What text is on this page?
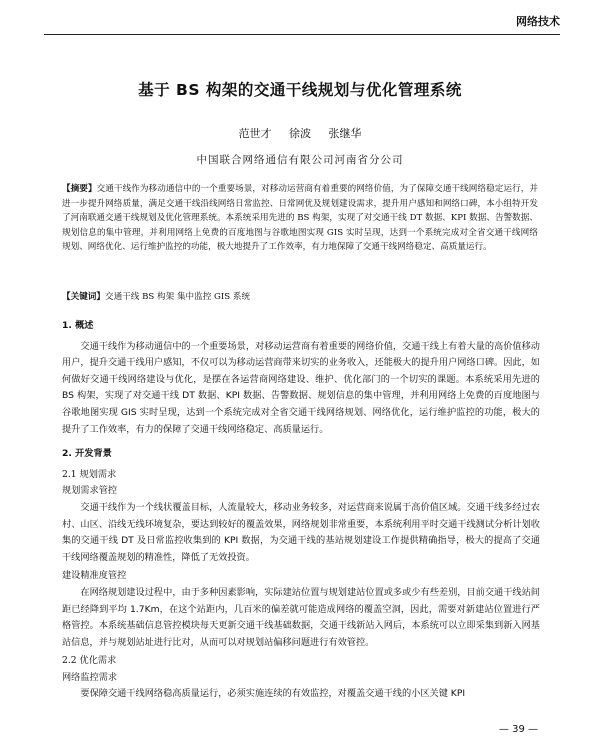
网络技术
基于 BS 构架的交通干线规划与优化管理系统
范世才 徐波 张继华
中国联合网络通信有限公司河南省分公司
【摘要】交通干线作为移动通信中的一个重要场景，对移动运营商有着重要的网络价值，为了保障交通干线网络稳定运行，并进一步提升网络质量，满足交通干线沿线网络日常监控、日常网优及规划建设需求，提升用户感知和网络口碑，本小组特开发了河南联通交通干线规划及优化管理系统。本系统采用先进的 BS 构架，实现了对交通干线 DT 数据、KPI 数据、告警数据、规划信息的集中管理，并利用网络上免费的百度地图与谷歌地图实现 GIS 实时呈现，达到一个系统完成对全省交通干线网络规划、网络优化、运行维护监控的功能，极大地提升了工作效率，有力地保障了交通干线网络稳定、高质量运行。
【关键词】交通干线 BS 构架 集中监控 GIS 系统
1. 概述

交通干线作为移动通信中的一个重要场景，对移动运营商有着重要的网络价值，交通干线上有着大量的高价值移动用户，提升交通干线用户感知，不仅可以为移动运营商带来切实的业务收入，还能极大的提升用户网络口碑。因此，如何做好交通干线网络建设与优化，是摆在各运营商网络建设、维护、优化部门的一个切实的课题。本系统采用先进的 BS 构架，实现了对交通干线 DT 数据、KPI 数据、告警数据、规划信息的集中管理，并利用网络上免费的百度地图与谷歌地图实现 GIS 实时呈现，达到一个系统完成对全省交通干线网络规划、网络优化，运行维护监控的功能，极大的提升了工作效率，有力的保障了交通干线网络稳定、高质量运行。

2. 开发背景
2.1 规划需求
规划需求管控

交通干线作为一个线状覆盖目标，人流量较大，移动业务较多，对运营商来说属于高价值区域。交通干线多经过农村、山区、沿线无线环境复杂，要达到较好的覆盖效果，网络规划非常重要，本系统利用平时交通干线测试分析计划收集的交通干线 DT 及日常监控收集到的 KPI 数据，为交通干线的基站规划建设工作提供精确指导，极大的提高了交通干线网络覆盖规划的精准性，降低了无效投资。

建设精准度管控

在网络规划建设过程中，由于多种因素影响，实际建站位置与规划建站位置或多或少有些差别，目前交通干线站间距已经降到平均 1.7Km，在这个站距内，几百米的偏差就可能造成网络的覆盖空洞，因此，需要对新建站位置进行严格管控。本系统基础信息管控模块每天更新交通干线基础数据，交通干线新站入网后，本系统可以立即采集到新入网基站信息，并与规划站址进行比对，从而可以对规划站偏移问题进行有效管控。

2.2 优化需求
网络监控需求

要保障交通干线网络稳高质量运行，必须实施连续的有效监控，对覆盖交通干线的小区关键 KPI

— 39 —
